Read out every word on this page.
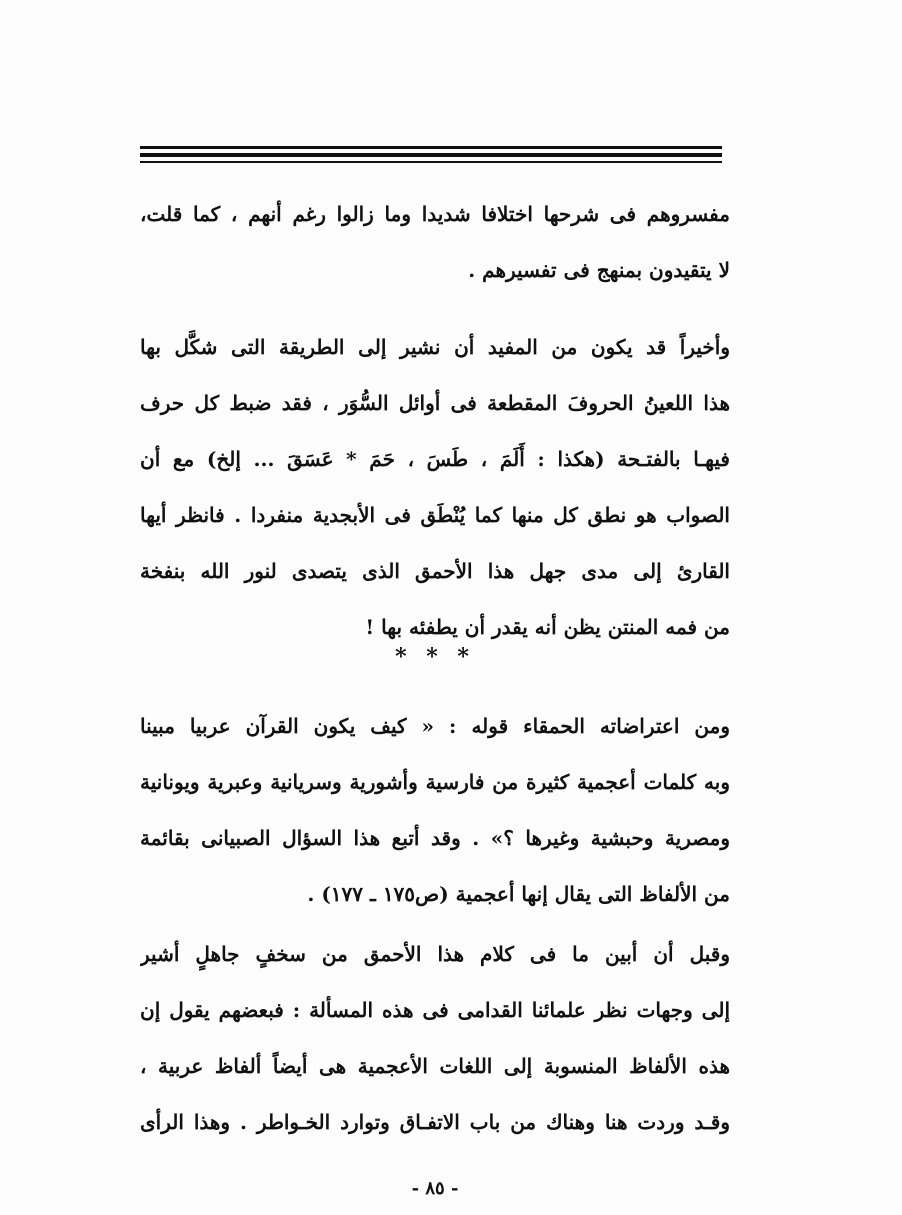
مفسروهم فى شرحها اختلافا شديدا وما زالوا رغم أنهم ، كما قلت،
لا يتقيدون بمنهج فى تفسيرهم .
وأخيراً قد يكون من المفيد أن نشير إلى الطريقة التى شكَّل بها
هذا اللعينُ الحروفَ المقطعة فى أوائل السُّوَر ، فقد ضبط كل حرف
فيهـا بالفتـحة (هكذا : أَلَمَ ، طَسَ ، حَمَ * عَسَقَ ... إلخ) مع أن
الصواب هو نطق كل منها كما يُنْطَق فى الأبجدية منفردا . فانظر أيها
القارئ إلى مدى جهل هذا الأحمق الذى يتصدى لنور الله بنفخة
من فمه المنتن يظن أنه يقدر أن يطفئه بها !
* * *
ومن اعتراضاته الحمقاء قوله : « كيف يكون القرآن عربيا مبينا
وبه كلمات أعجمية كثيرة من فارسية وأشورية وسريانية وعبرية ويونانية
ومصرية وحبشية وغيرها ؟» . وقد أتبع هذا السؤال الصبيانى بقائمة
من الألفاظ التى يقال إنها أعجمية (ص١٧٥ ـ ١٧٧) .
وقبل أن أبين ما فى كلام هذا الأحمق من سخفٍ جاهلٍ أشير
إلى وجهات نظر علمائنا القدامى فى هذه المسألة : فبعضهم يقول إن
هذه الألفاظ المنسوبة إلى اللغات الأعجمية هى أيضاً ألفاظ عربية ،
وقـد وردت هنا وهناك من باب الاتفـاق وتوارد الخـواطر . وهذا الرأى
- ٨٥ -
